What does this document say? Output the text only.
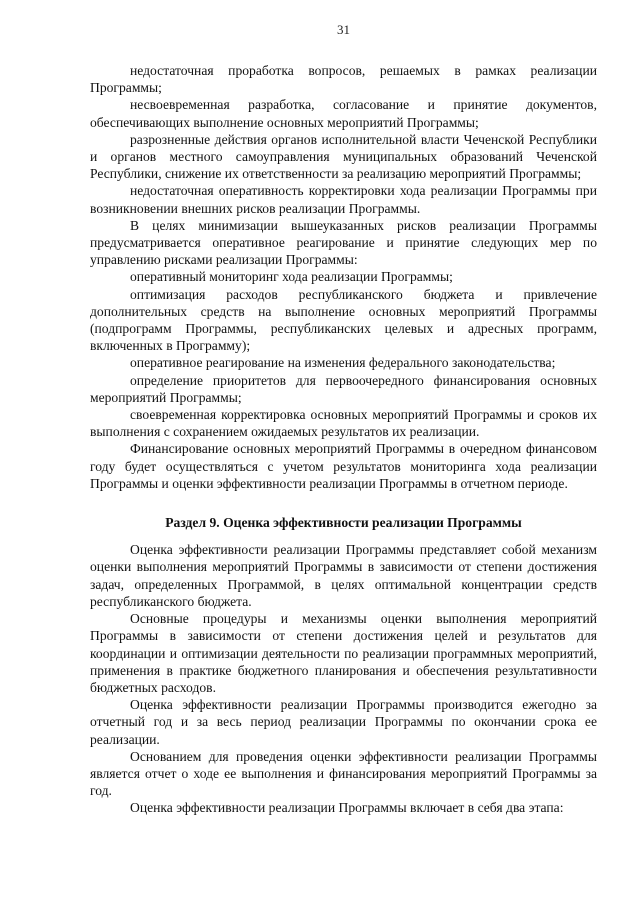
31

недостаточная проработка вопросов, решаемых в рамках реализации Программы;

несвоевременная разработка, согласование и принятие документов, обеспечивающих выполнение основных мероприятий Программы;

разрозненные действия органов исполнительной власти Чеченской Республики и органов местного самоуправления муниципальных образований Чеченской Республики, снижение их ответственности за реализацию мероприятий Программы;

недостаточная оперативность корректировки хода реализации Программы при возникновении внешних рисков реализации Программы.

В целях минимизации вышеуказанных рисков реализации Программы предусматривается оперативное реагирование и принятие следующих мер по управлению рисками реализации Программы:

оперативный мониторинг хода реализации Программы;

оптимизация расходов республиканского бюджета и привлечение дополнительных средств на выполнение основных мероприятий Программы (подпрограмм Программы, республиканских целевых и адресных программ, включенных в Программу);

оперативное реагирование на изменения федерального законодательства;

определение приоритетов для первоочередного финансирования основных мероприятий Программы;

своевременная корректировка основных мероприятий Программы и сроков их выполнения с сохранением ожидаемых результатов их реализации.

Финансирование основных мероприятий Программы в очередном финансовом году будет осуществляться с учетом результатов мониторинга хода реализации Программы и оценки эффективности реализации Программы в отчетном периоде.

Раздел 9. Оценка эффективности реализации Программы

Оценка эффективности реализации Программы представляет собой механизм оценки выполнения мероприятий Программы в зависимости от степени достижения задач, определенных Программой, в целях оптимальной концентрации средств республиканского бюджета.

Основные процедуры и механизмы оценки выполнения мероприятий Программы в зависимости от степени достижения целей и результатов для координации и оптимизации деятельности по реализации программных мероприятий, применения в практике бюджетного планирования и обеспечения результативности бюджетных расходов.

Оценка эффективности реализации Программы производится ежегодно за отчетный год и за весь период реализации Программы по окончании срока ее реализации.

Основанием для проведения оценки эффективности реализации Программы является отчет о ходе ее выполнения и финансирования мероприятий Программы за год.

Оценка эффективности реализации Программы включает в себя два этапа:
